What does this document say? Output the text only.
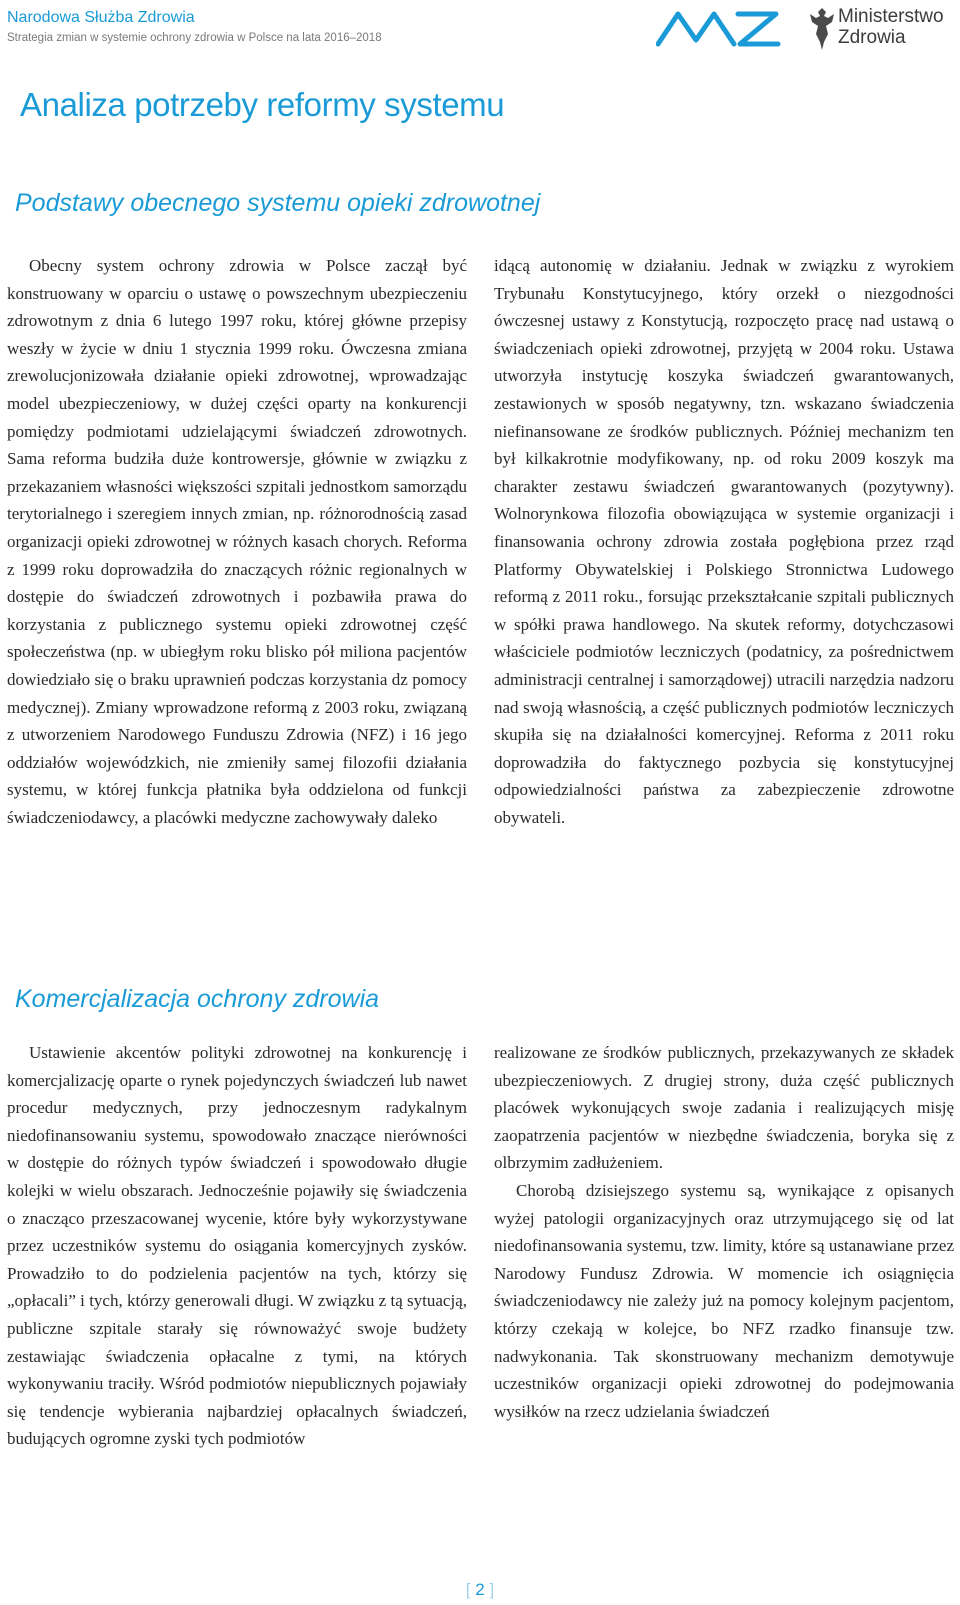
Narodowa Służba Zdrowia
Strategia zmian w systemie ochrony zdrowia w Polsce na lata 2016–2018
Ministerstwo
Zdrowia
Analiza potrzeby reformy systemu
Podstawy obecnego systemu opieki zdrowotnej

Obecny system ochrony zdrowia w Polsce zaczął być konstruowany w oparciu o ustawę o powszechnym ubezpieczeniu zdrowotnym z dnia 6 lutego 1997 roku, której główne przepisy weszły w życie w dniu 1 stycznia 1999 roku. Ówczesna zmiana zrewolucjonizowała działanie opieki zdrowotnej, wprowadzając model ubezpieczeniowy, w dużej części oparty na konkurencji pomiędzy podmiotami udzielającymi świadczeń zdrowotnych. Sama reforma budziła duże kontrowersje, głównie w związku z przekazaniem własności większości szpitali jednostkom samorządu terytorialnego i szeregiem innych zmian, np. różnorodnością zasad organizacji opieki zdrowotnej w różnych kasach chorych. Reforma z 1999 roku doprowadziła do znaczących różnic regionalnych w dostępie do świadczeń zdrowotnych i pozbawiła prawa do korzystania z publicznego systemu opieki zdrowotnej część społeczeństwa (np. w ubiegłym roku blisko pół miliona pacjentów dowiedziało się o braku uprawnień podczas korzystania dz pomocy medycznej). Zmiany wprowadzone reformą z 2003 roku, związaną z utworzeniem Narodowego Funduszu Zdrowia (NFZ) i 16 jego oddziałów wojewódzkich, nie zmieniły samej filozofii działania systemu, w której funkcja płatnika była oddzielona od funkcji świadczeniodawcy, a placówki medyczne zachowywały daleko

idącą autonomię w działaniu. Jednak w związku z wyrokiem Trybunału Konstytucyjnego, który orzekł o niezgodności ówczesnej ustawy z Konstytucją, rozpoczęto pracę nad ustawą o świadczeniach opieki zdrowotnej, przyjętą w 2004 roku. Ustawa utworzyła instytucję koszyka świadczeń gwarantowanych, zestawionych w sposób negatywny, tzn. wskazano świadczenia niefinansowane ze środków publicznych. Później mechanizm ten był kilkakrotnie modyfikowany, np. od roku 2009 koszyk ma charakter zestawu świadczeń gwarantowanych (pozytywny). Wolnorynkowa filozofia obowiązująca w systemie organizacji i finansowania ochrony zdrowia została pogłębiona przez rząd Platformy Obywatelskiej i Polskiego Stronnictwa Ludowego reformą z 2011 roku., forsując przekształcanie szpitali publicznych w spółki prawa handlowego. Na skutek reformy, dotychczasowi właściciele podmiotów leczniczych (podatnicy, za pośrednictwem administracji centralnej i samorządowej) utracili narzędzia nadzoru nad swoją własnością, a część publicznych podmiotów leczniczych skupiła się na działalności komercyjnej. Reforma z 2011 roku doprowadziła do faktycznego pozbycia się konstytucyjnej odpowiedzialności państwa za zabezpieczenie zdrowotne obywateli.

Komercjalizacja ochrony zdrowia

Ustawienie akcentów polityki zdrowotnej na konkurencję i komercjalizację oparte o rynek pojedynczych świadczeń lub nawet procedur medycznych, przy jednoczesnym radykalnym niedofinansowaniu systemu, spowodowało znaczące nierówności w dostępie do różnych typów świadczeń i spowodowało długie kolejki w wielu obszarach. Jednocześnie pojawiły się świadczenia o znacząco przeszacowanej wycenie, które były wykorzystywane przez uczestników systemu do osiągania komercyjnych zysków. Prowadziło to do podzielenia pacjentów na tych, którzy się „opłacali” i tych, którzy generowali długi. W związku z tą sytuacją, publiczne szpitale starały się równoważyć swoje budżety zestawiając świadczenia opłacalne z tymi, na których wykonywaniu traciły. Wśród podmiotów niepublicznych pojawiały się tendencje wybierania najbardziej opłacalnych świadczeń, budujących ogromne zyski tych podmiotów

realizowane ze środków publicznych, przekazywanych ze składek ubezpieczeniowych. Z drugiej strony, duża część publicznych placówek wykonujących swoje zadania i realizujących misję zaopatrzenia pacjentów w niezbędne świadczenia, boryka się z olbrzymim zadłużeniem.

Chorobą dzisiejszego systemu są, wynikające z opisanych wyżej patologii organizacyjnych oraz utrzymującego się od lat niedofinansowania systemu, tzw. limity, które są ustanawiane przez Narodowy Fundusz Zdrowia. W momencie ich osiągnięcia świadczeniodawcy nie zależy już na pomocy kolejnym pacjentom, którzy czekają w kolejce, bo NFZ rzadko finansuje tzw. nadwykonania. Tak skonstruowany mechanizm demotywuje uczestników organizacji opieki zdrowotnej do podejmowania wysiłków na rzecz udzielania świadczeń

[ 2 ]
